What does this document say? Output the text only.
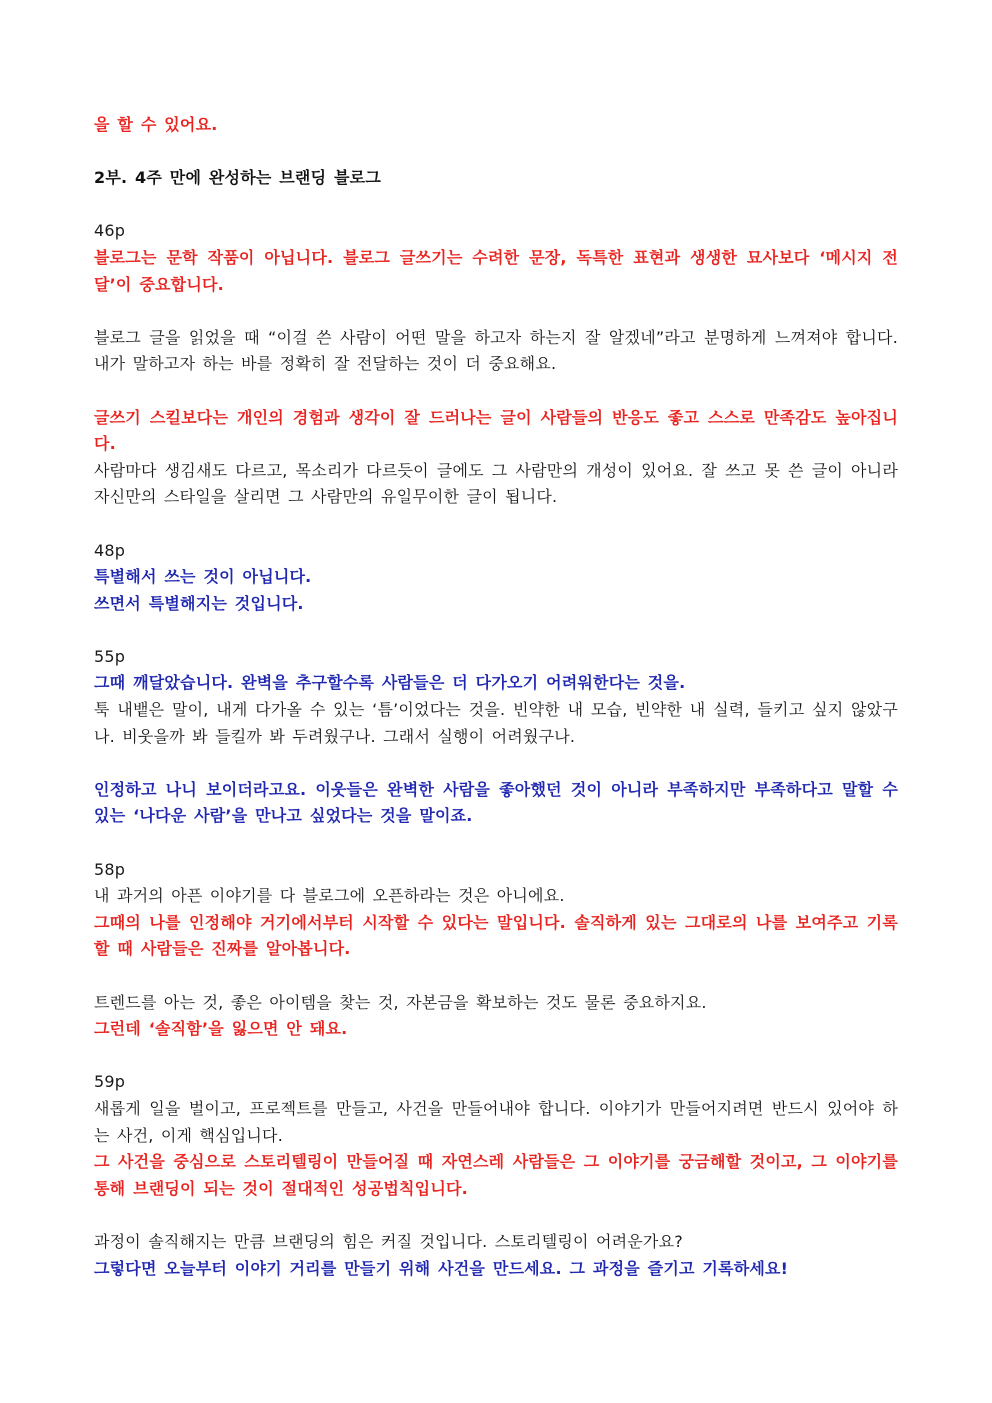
을 할 수 있어요.
2부. 4주 만에 완성하는 브랜딩 블로그
46p
블로그는 문학 작품이 아닙니다. 블로그 글쓰기는 수려한 문장, 독특한 표현과 생생한 묘사보다 ‘메시지 전달’이 중요합니다.
블로그 글을 읽었을 때 “이걸 쓴 사람이 어떤 말을 하고자 하는지 잘 알겠네”라고 분명하게 느껴져야 합니다. 내가 말하고자 하는 바를 정확히 잘 전달하는 것이 더 중요해요.
글쓰기 스킬보다는 개인의 경험과 생각이 잘 드러나는 글이 사람들의 반응도 좋고 스스로 만족감도 높아집니다.
사람마다 생김새도 다르고, 목소리가 다르듯이 글에도 그 사람만의 개성이 있어요. 잘 쓰고 못 쓴 글이 아니라 자신만의 스타일을 살리면 그 사람만의 유일무이한 글이 됩니다.
48p
특별해서 쓰는 것이 아닙니다.
쓰면서 특별해지는 것입니다.
55p
그때 깨달았습니다. 완벽을 추구할수록 사람들은 더 다가오기 어려워한다는 것을.
툭 내뱉은 말이, 내게 다가올 수 있는 ‘틈’이었다는 것을. 빈약한 내 모습, 빈약한 내 실력, 들키고 싶지 않았구나. 비웃을까 봐 들킬까 봐 두려웠구나. 그래서 실행이 어려웠구나.
인정하고 나니 보이더라고요. 이웃들은 완벽한 사람을 좋아했던 것이 아니라 부족하지만 부족하다고 말할 수 있는 ‘나다운 사람’을 만나고 싶었다는 것을 말이죠.
58p
내 과거의 아픈 이야기를 다 블로그에 오픈하라는 것은 아니에요.
그때의 나를 인정해야 거기에서부터 시작할 수 있다는 말입니다. 솔직하게 있는 그대로의 나를 보여주고 기록할 때 사람들은 진짜를 알아봅니다.
트렌드를 아는 것, 좋은 아이템을 찾는 것, 자본금을 확보하는 것도 물론 중요하지요.
그런데 ‘솔직함’을 잃으면 안 돼요.
59p
새롭게 일을 벌이고, 프로젝트를 만들고, 사건을 만들어내야 합니다. 이야기가 만들어지려면 반드시 있어야 하는 사건, 이게 핵심입니다.
그 사건을 중심으로 스토리텔링이 만들어질 때 자연스레 사람들은 그 이야기를 궁금해할 것이고, 그 이야기를 통해 브랜딩이 되는 것이 절대적인 성공법칙입니다.
과정이 솔직해지는 만큼 브랜딩의 힘은 커질 것입니다. 스토리텔링이 어려운가요?
그렇다면 오늘부터 이야기 거리를 만들기 위해 사건을 만드세요. 그 과정을 즐기고 기록하세요!
